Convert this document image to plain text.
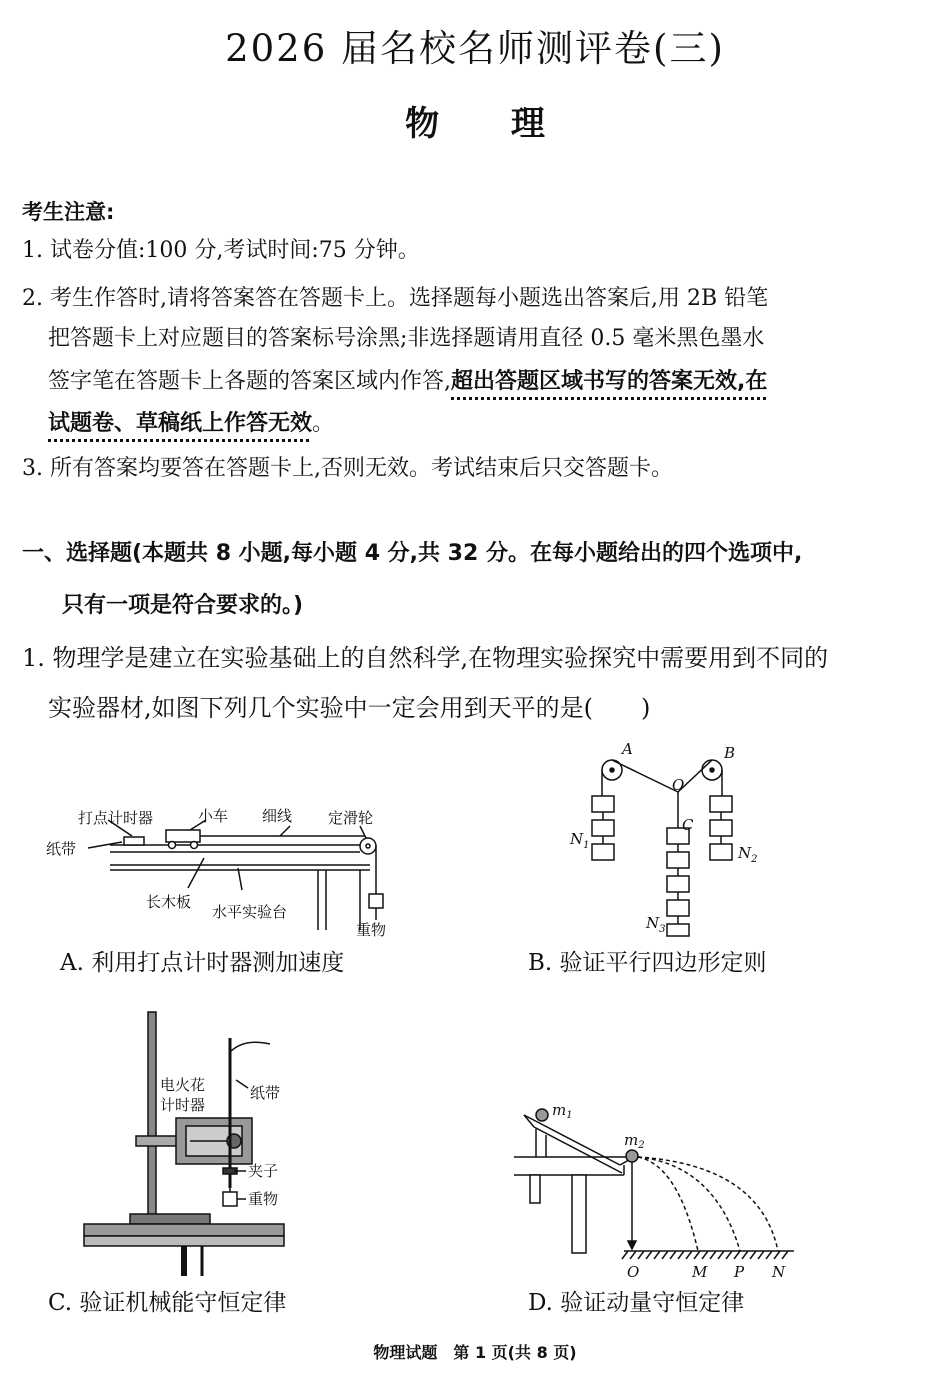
2026 届名校名师测评卷(三)
物 理
考生注意:
1. 试卷分值:100 分,考试时间:75 分钟。
2. 考生作答时,请将答案答在答题卡上。选择题每小题选出答案后,用 2B 铅笔
把答题卡上对应题目的答案标号涂黑;非选择题请用直径 0.5 毫米黑色墨水
签字笔在答题卡上各题的答案区域内作答,超出答题区域书写的答案无效,在
试题卷、草稿纸上作答无效。
3. 所有答案均要答在答题卡上,否则无效。考试结束后只交答题卡。
一、选择题(本题共 8 小题,每小题 4 分,共 32 分。在每小题给出的四个选项中,
只有一项是符合要求的。)
1. 物理学是建立在实验基础上的自然科学,在物理实验探究中需要用到不同的
实验器材,如图下列几个实验中一定会用到天平的是(　　)
打点计时器	小车 细线 定滑轮
纸带
长木板
水平实验台
重物
A. 利用打点计时器测加速度
A	B
O
C
$N_1$	$N_2$
$N_3$
B. 验证平行四边形定则
电火花
计时器
纸带
夹子
重物
C. 验证机械能守恒定律
$m_1$
$m_2$
O	M P N
D. 验证动量守恒定律
物理试题　第 1 页(共 8 页)
